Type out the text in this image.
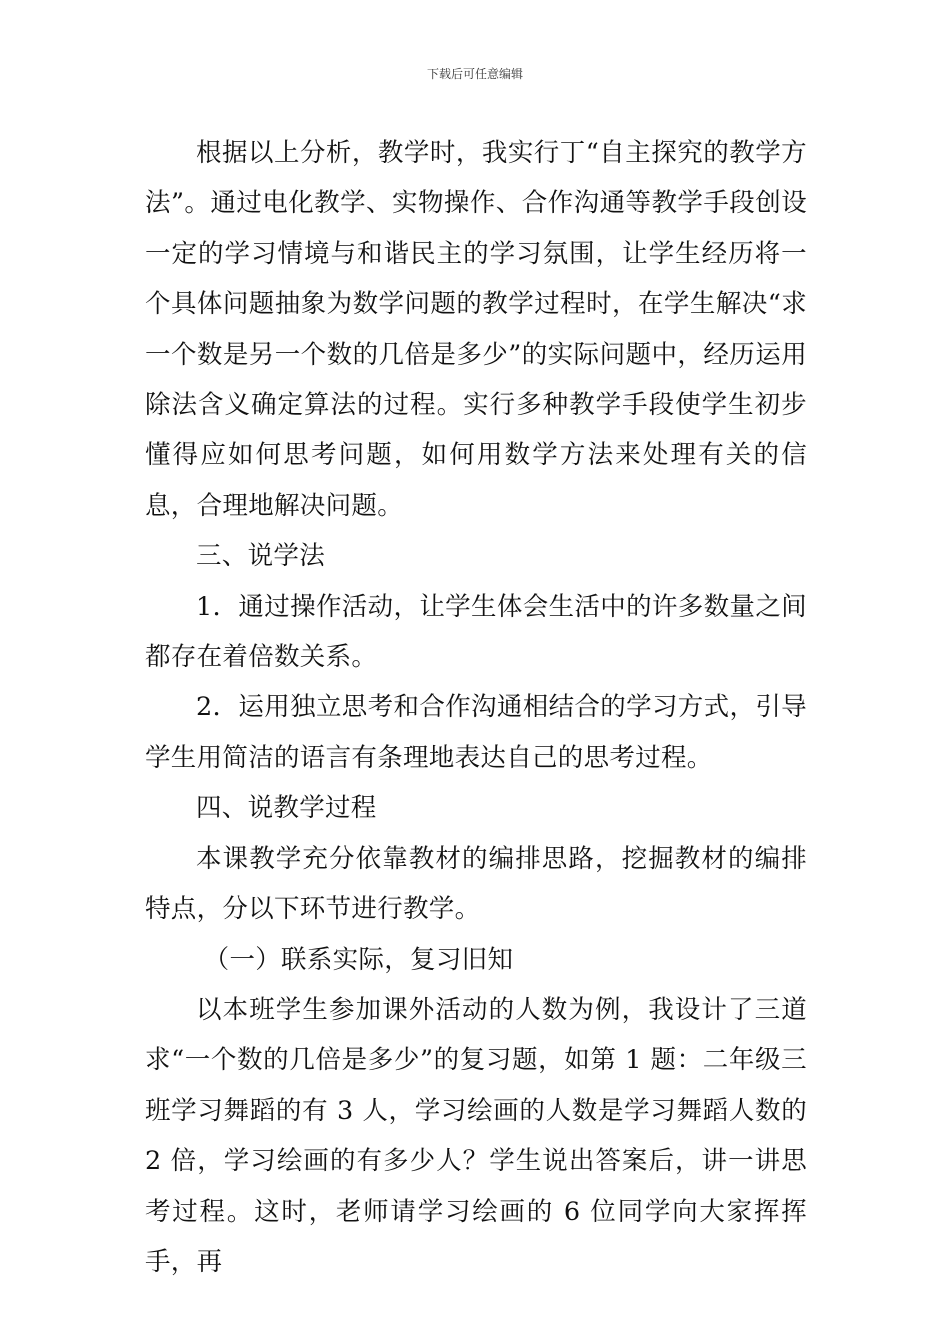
下载后可任意编辑

根据以上分析，教学时，我实行丁“自主探究的教学方法”。通过电化教学、实物操作、合作沟通等教学手段创设一定的学习情境与和谐民主的学习氛围，让学生经历将一个具体问题抽象为数学问题的教学过程时，在学生解决“求一个数是另一个数的几倍是多少”的实际问题中，经历运用除法含义确定算法的过程。实行多种教学手段使学生初步懂得应如何思考问题，如何用数学方法来处理有关的信息，合理地解决问题。

三、说学法

1．通过操作活动，让学生体会生活中的许多数量之间都存在着倍数关系。

2．运用独立思考和合作沟通相结合的学习方式，引导学生用简洁的语言有条理地表达自己的思考过程。

四、说教学过程

本课教学充分依靠教材的编排思路，挖掘教材的编排特点，分以下环节进行教学。

（一）联系实际，复习旧知

以本班学生参加课外活动的人数为例，我设计了三道求“一个数的几倍是多少”的复习题，如第 1 题：二年级三班学习舞蹈的有 3 人，学习绘画的人数是学习舞蹈人数的 2 倍，学习绘画的有多少人？学生说出答案后，讲一讲思考过程。这时，老师请学习绘画的 6 位同学向大家挥挥手，再
